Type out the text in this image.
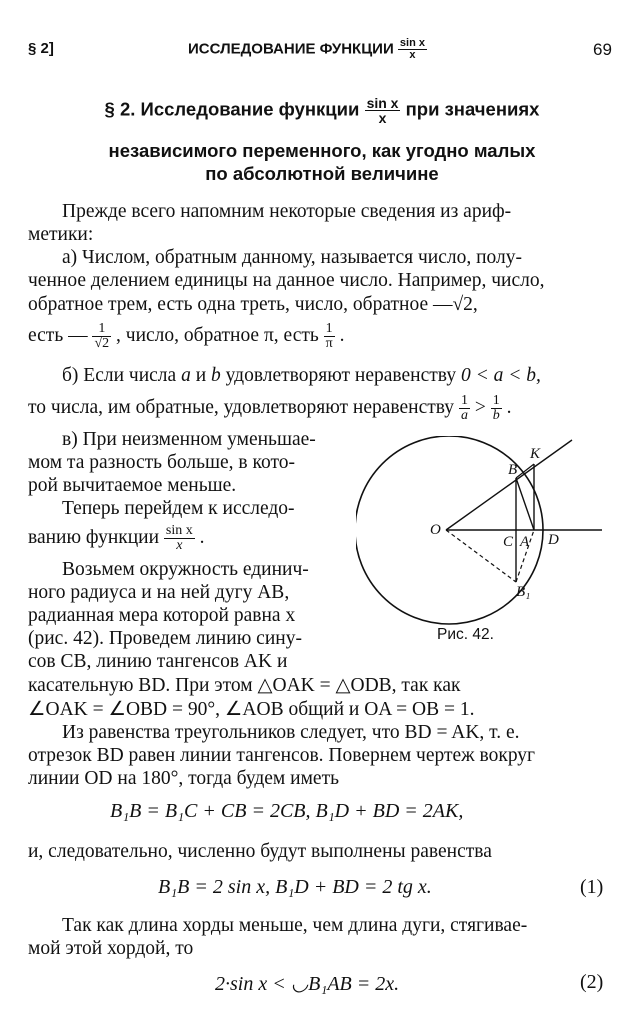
§ 2]	ИССЛЕДОВАНИЕ ФУНКЦИИ $\frac{\text{sin x}}{x}$	69
§ 2. Исследование функции $\frac{\text{sin x}}{x}$ при значениях
независимого переменного, как угодно малых
по абсолютной величине
Прежде всего напомним некоторые сведения из ариф-
метики:
а) Числом, обратным данному, называется число, полу-
ченное делением единицы на данное число. Например, число,
обратное трем, есть одна треть, число, обратное —√2,
есть — $\frac{1}{√2}$ , число, обратное π, есть $\frac{1}{\pi}$ .
б) Если числа a и b удовлетворяют неравенству 0 < a < b,
то числа, им обратные, удовлетворяют неравенству $\frac{1}{a} > \frac{1}{b}$ .
в) При неизменном уменьшае-
мом та разность больше, в кото-
рой вычитаемое меньше.
Теперь перейдем к исследо-
ванию функции $\frac{\text{sin x}}{x}$ .
Возьмем окружность единич-
ного радиуса и на ней дугу AB,
радианная мера которой равна x
(рис. 42). Проведем линию сину-
сов CB, линию тангенсов AK и
касательную BD. При этом △OAK = △ODB, так как
∠OAK = ∠OBD = 90°, ∠AOB общий и OA = OB = 1.
Из равенства треугольников следует, что BD = AK, т. е.
отрезок BD равен линии тангенсов. Повернем чертеж вокруг
линии OD на 180°, тогда будем иметь
B₁B = B₁C + CB = 2CB, B₁D + BD = 2AK,
и, следовательно, численно будут выполнены равенства
B₁B = 2 sin x, B₁D + BD = 2 tg x.	(1)
Так как длина хорды меньше, чем длина дуги, стягивае-
мой этой хордой, то
2·sin x < ◡B₁AB = 2x.	(2)
O
B
K
C A D
B₁
Рис. 42.
